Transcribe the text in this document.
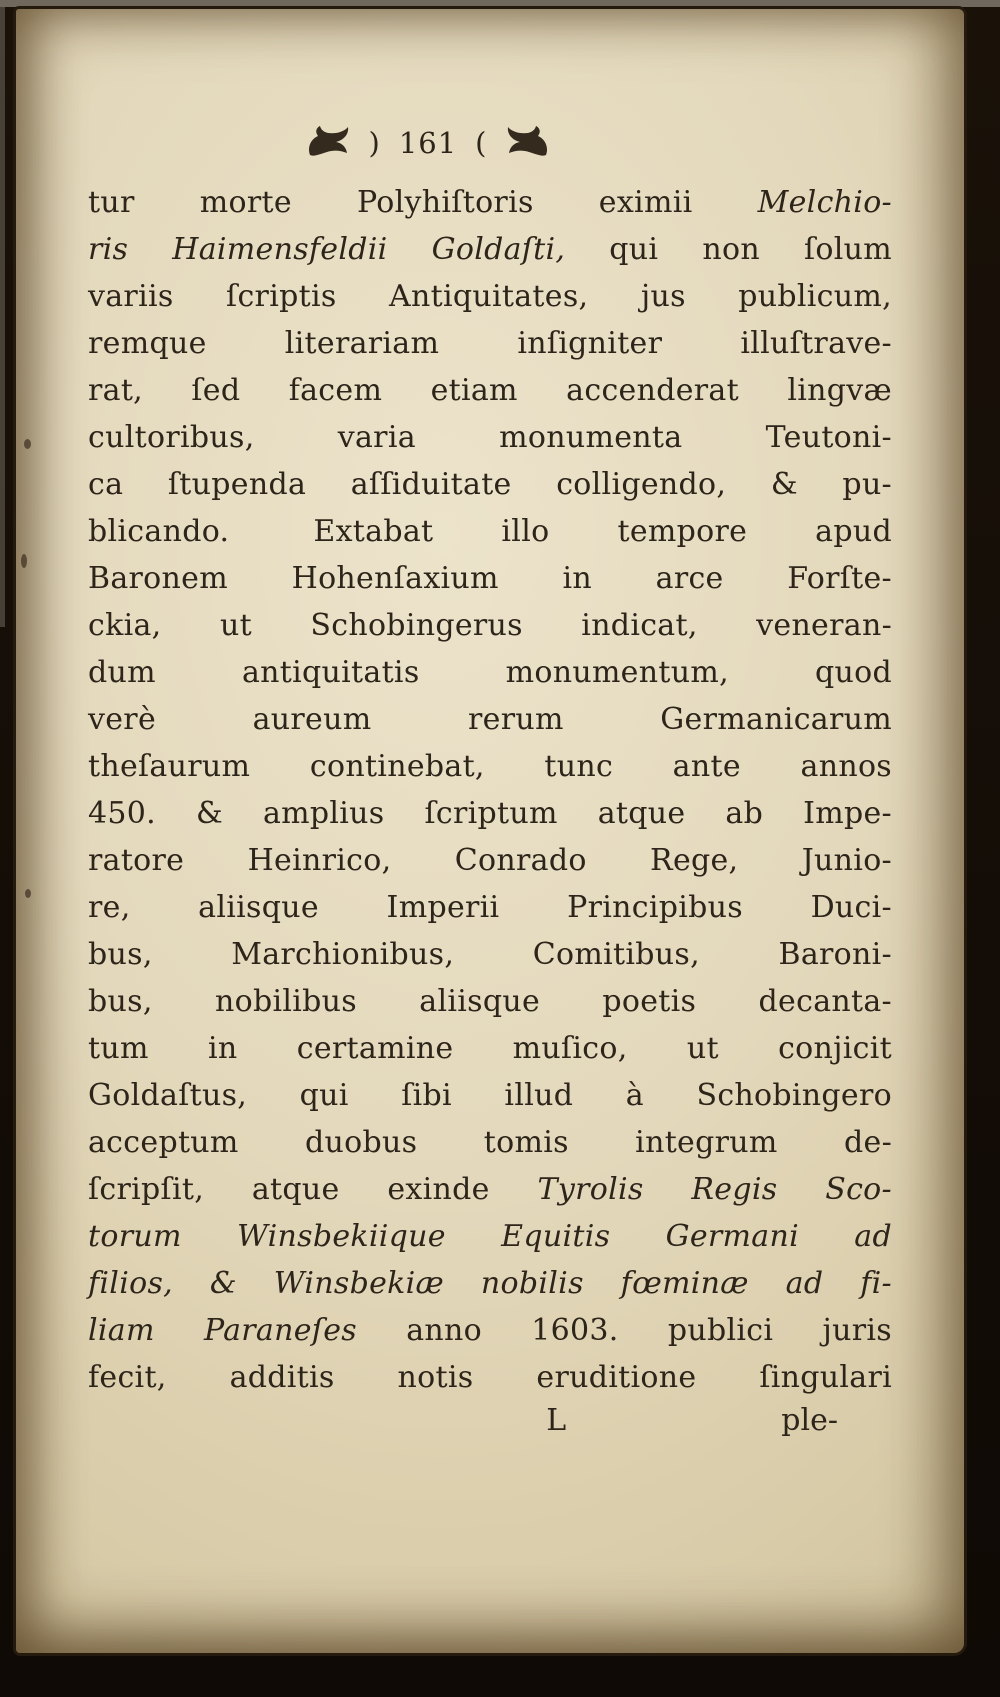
) 161 (
tur morte Polyhiſtoris eximii Melchio-
ris Haimensfeldii Goldaſti, qui non ſolum
variis ſcriptis Antiquitates, jus publicum,
remque literariam inſigniter illuſtrave-
rat, ſed facem etiam accenderat lingvæ
cultoribus, varia monumenta Teutoni-
ca ſtupenda aſſiduitate colligendo, & pu-
blicando.	Extabat illo tempore apud
Baronem Hohenſaxium in arce Forſte-
ckia, ut Schobingerus indicat, veneran-
dum antiquitatis monumentum, quod
verè aureum rerum Germanicarum
theſaurum continebat, tunc ante annos
450. & amplius ſcriptum atque ab Impe-
ratore Heinrico, Conrado Rege, Junio-
re, aliisque Imperii Principibus Duci-
bus, Marchionibus, Comitibus, Baroni-
bus, nobilibus aliisque poetis decanta-
tum in certamine muſico, ut conjicit
Goldaſtus, qui ſibi illud à Schobingero
acceptum duobus tomis integrum de-
ſcripſit, atque exinde Tyrolis Regis Sco-
torum Winsbekiique Equitis Germani ad
filios, & Winsbekiæ nobilis fœminæ ad fi-
liam Paraneſes anno 1603. publici juris
fecit, additis notis eruditione ſingulari
L	ple-
